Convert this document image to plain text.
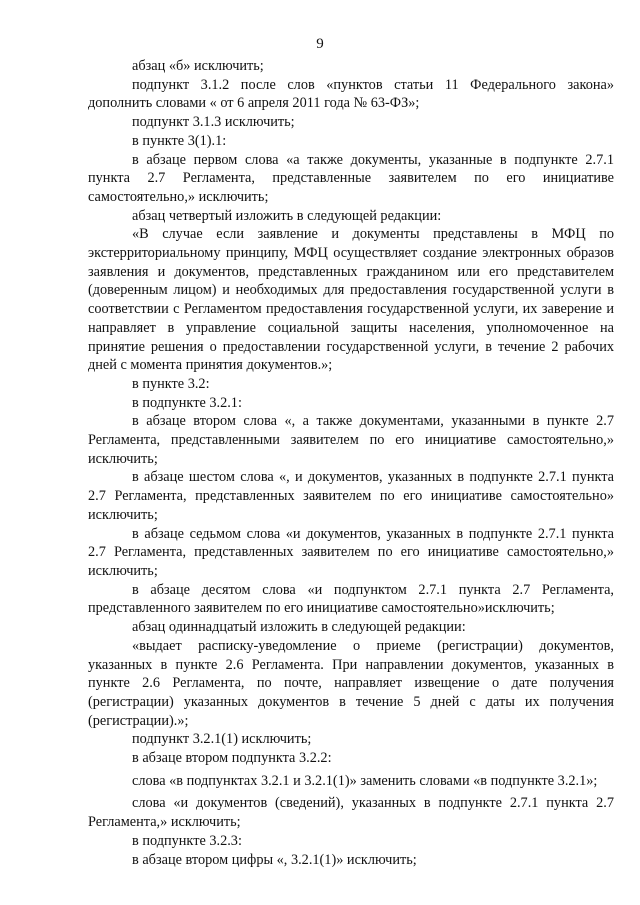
9

абзац «б» исключить;

подпункт 3.1.2 после слов «пунктов статьи 11 Федерального закона» дополнить словами « от 6 апреля 2011 года № 63-ФЗ»;

подпункт 3.1.3 исключить;

в пункте 3(1).1:

в абзаце первом слова «а также документы, указанные в подпункте 2.7.1 пункта 2.7 Регламента, представленные заявителем по его инициативе самостоятельно,» исключить;

абзац четвертый изложить в следующей редакции:

«В случае если заявление и документы представлены в МФЦ по экстерриториальному принципу, МФЦ осуществляет создание электронных образов заявления и документов, представленных гражданином или его представителем (доверенным лицом) и необходимых для предоставления государственной услуги в соответствии с Регламентом предоставления государственной услуги, их заверение и направляет в управление социальной защиты населения, уполномоченное на принятие решения о предоставлении государственной услуги, в течение 2 рабочих дней с момента принятия документов.»;

в пункте 3.2:

в подпункте 3.2.1:

в абзаце втором слова «, а также документами, указанными в пункте 2.7 Регламента, представленными заявителем по его инициативе самостоятельно,» исключить;

в абзаце шестом слова «, и документов, указанных в подпункте 2.7.1 пункта 2.7 Регламента, представленных заявителем по его инициативе самостоятельно» исключить;

в абзаце седьмом слова «и документов, указанных в подпункте 2.7.1 пункта 2.7 Регламента, представленных заявителем по его инициативе самостоятельно,» исключить;

в абзаце десятом слова «и подпунктом 2.7.1 пункта 2.7 Регламента, представленного заявителем по его инициативе самостоятельно»исключить;

абзац одиннадцатый изложить в следующей редакции:

«выдает расписку-уведомление о приеме (регистрации) документов, указанных в пункте 2.6 Регламента. При направлении документов, указанных в пункте 2.6 Регламента, по почте, направляет извещение о дате получения (регистрации) указанных документов в течение 5 дней с даты их получения (регистрации).»;

подпункт 3.2.1(1) исключить;

в абзаце втором подпункта 3.2.2:

слова «в подпунктах 3.2.1 и 3.2.1(1)» заменить словами «в подпункте 3.2.1»;

слова «и документов (сведений), указанных в подпункте 2.7.1 пункта 2.7 Регламента,» исключить;

в подпункте 3.2.3:

в абзаце втором цифры «, 3.2.1(1)» исключить;
